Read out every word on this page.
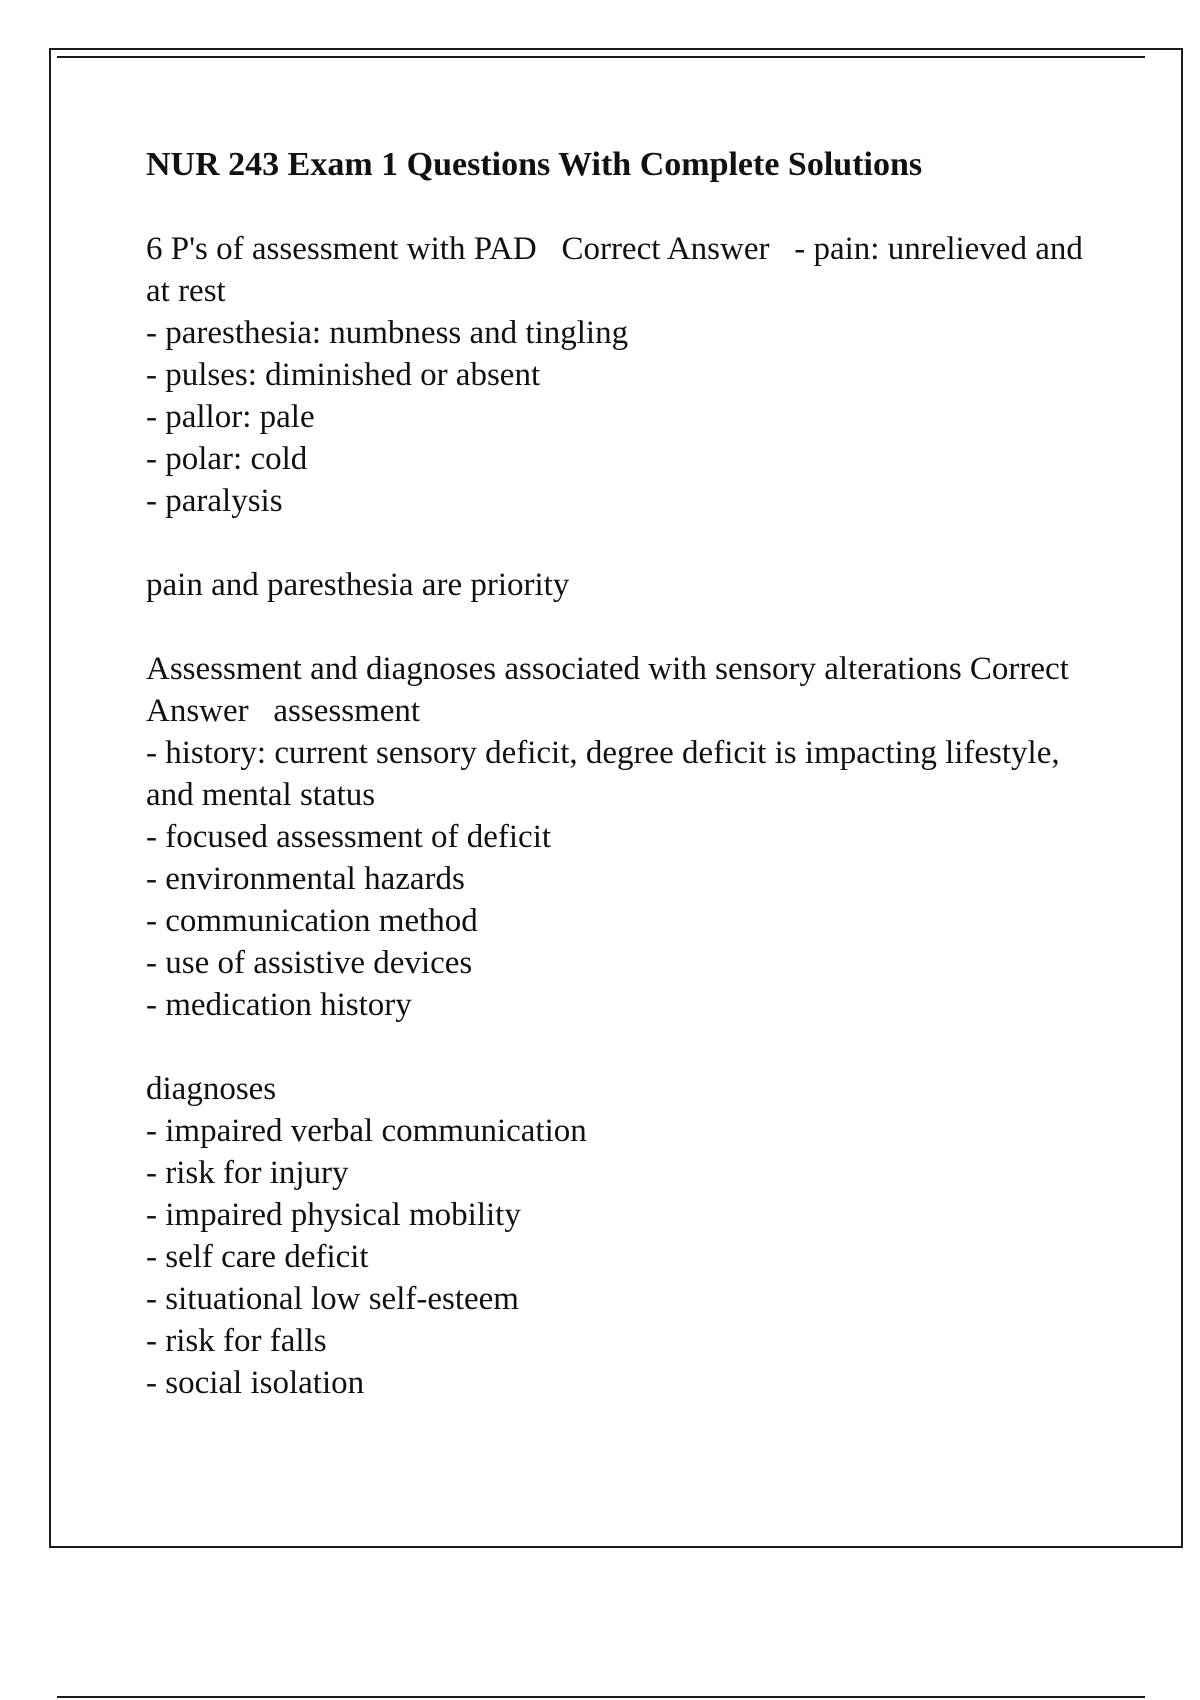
NUR 243 Exam 1 Questions With Complete Solutions
6 P's of assessment with PAD Correct Answer - pain: unrelieved and at rest
- paresthesia: numbness and tingling
- pulses: diminished or absent
- pallor: pale
- polar: cold
- paralysis
pain and paresthesia are priority
Assessment and diagnoses associated with sensory alterations Correct Answer assessment
- history: current sensory deficit, degree deficit is impacting lifestyle, and mental status
- focused assessment of deficit
- environmental hazards
- communication method
- use of assistive devices
- medication history
diagnoses
- impaired verbal communication
- risk for injury
- impaired physical mobility
- self care deficit
- situational low self-esteem
- risk for falls
- social isolation
